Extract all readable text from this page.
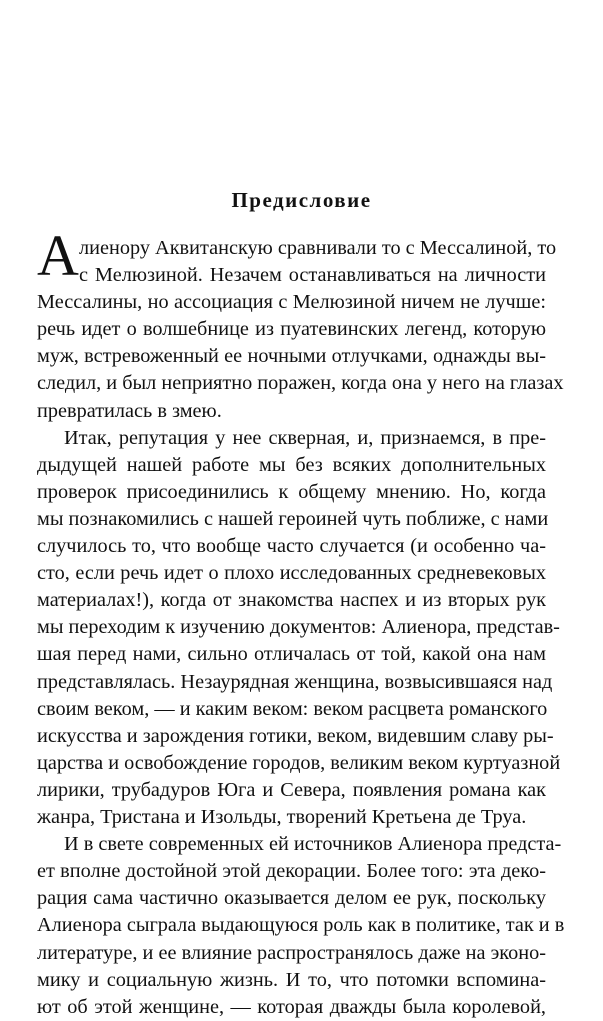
Предисловие
А лиенору Аквитанскую сравнивали то с Мессалиной, то
с Мелюзиной. Незачем останавливаться на личности
Мессалины, но ассоциация с Мелюзиной ничем не лучше:
речь идет о волшебнице из пуатевинских легенд, которую
муж, встревоженный ее ночными отлучками, однажды вы-
следил, и был неприятно поражен, когда она у него на глазах
превратилась в змею.
Итак, репутация у нее скверная, и, признаемся, в пре-
дыдущей нашей работе мы без всяких дополнительных
проверок присоединились к общему мнению. Но, когда
мы познакомились с нашей героиней чуть поближе, с нами
случилось то, что вообще часто случается (и особенно ча-
сто, если речь идет о плохо исследованных средневековых
материалах!), когда от знакомства наспех и из вторых рук
мы переходим к изучению документов: Алиенора, представ-
шая перед нами, сильно отличалась от той, какой она нам
представлялась. Незаурядная женщина, возвысившаяся над
своим веком, — и каким веком: веком расцвета романского
искусства и зарождения готики, веком, видевшим славу ры-
царства и освобождение городов, великим веком куртуазной
лирики, трубадуров Юга и Севера, появления романа как
жанра, Тристана и Изольды, творений Кретьена де Труа.
И в свете современных ей источников Алиенора предста-
ет вполне достойной этой декорации. Более того: эта деко-
рация сама частично оказывается делом ее рук, поскольку
Алиенора сыграла выдающуюся роль как в политике, так и в
литературе, и ее влияние распространялось даже на эконо-
мику и социальную жизнь. И то, что потомки вспомина-
ют об этой женщине, — которая дважды была королевой,
